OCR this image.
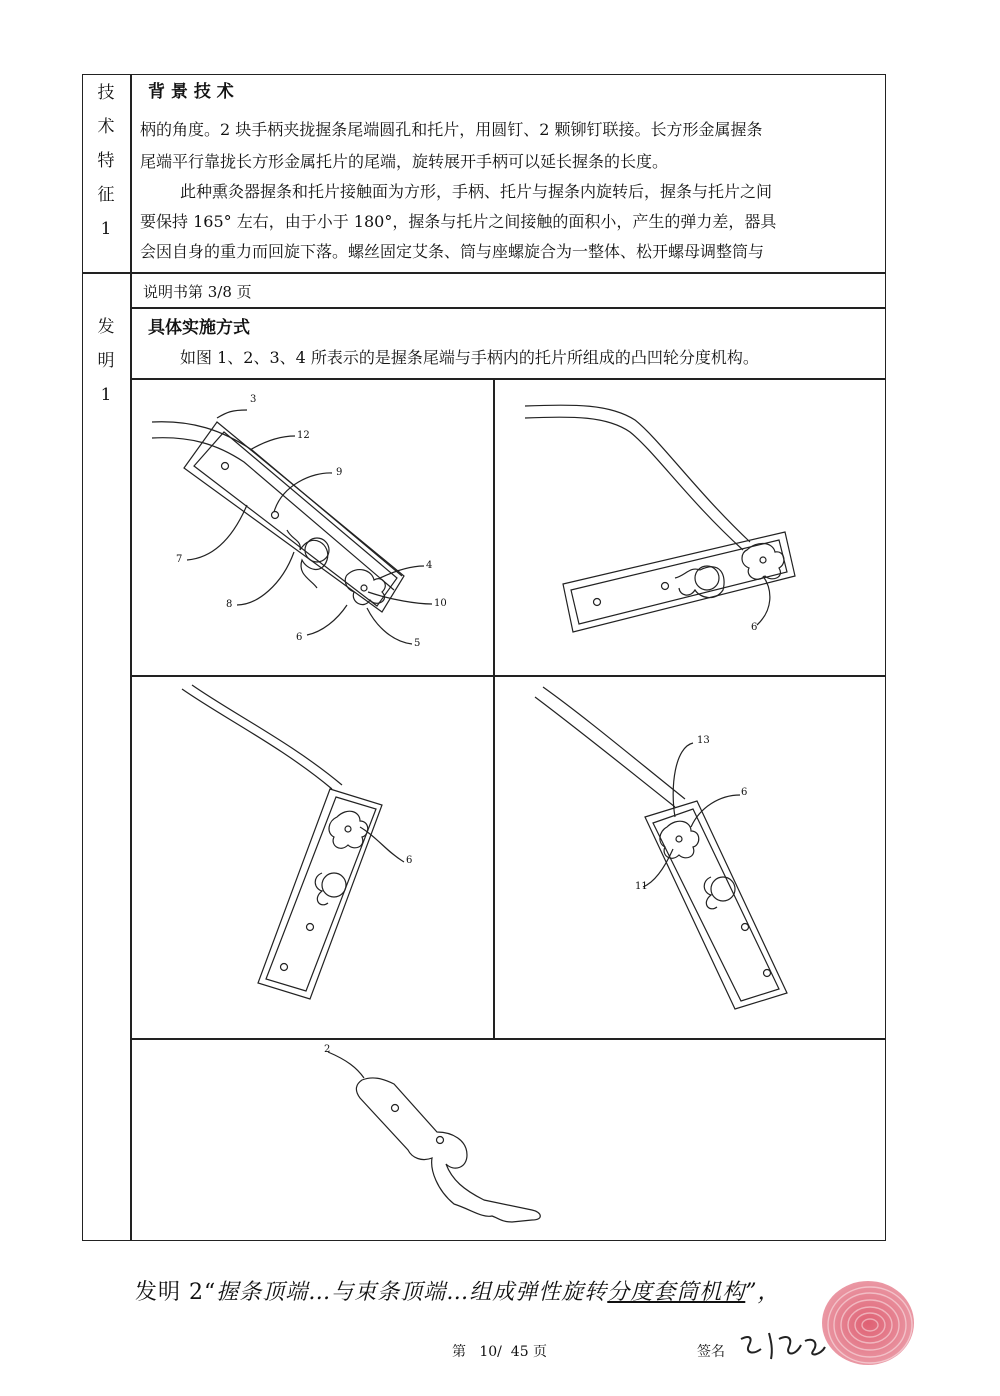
技
术
特
征
1
背 景 技 术
柄的角度。2 块手柄夹拢握条尾端圆孔和托片，用圆钉、2 颗铆钉联接。长方形金属握条
尾端平行靠拢长方形金属托片的尾端，旋转展开手柄可以延长握条的长度。
此种熏灸器握条和托片接触面为方形，手柄、托片与握条内旋转后，握条与托片之间
要保持 165° 左右，由于小于 180°，握条与托片之间接触的面积小，产生的弹力差，器具
会因自身的重力而回旋下落。螺丝固定艾条、筒与座螺旋合为一整体、松开螺母调整筒与
发
明
1
说明书第 3/8 页
具体实施方式
如图 1、2、3、4 所表示的是握条尾端与手柄内的托片所组成的凸凹轮分度机构。
3
12
9
7
4
10
8
6
5
6
6
13
6
11
2
发明 2“握条顶端…与束条顶端…组成弹性旋转分度套筒机构”，
第   10/  45 页	签名
